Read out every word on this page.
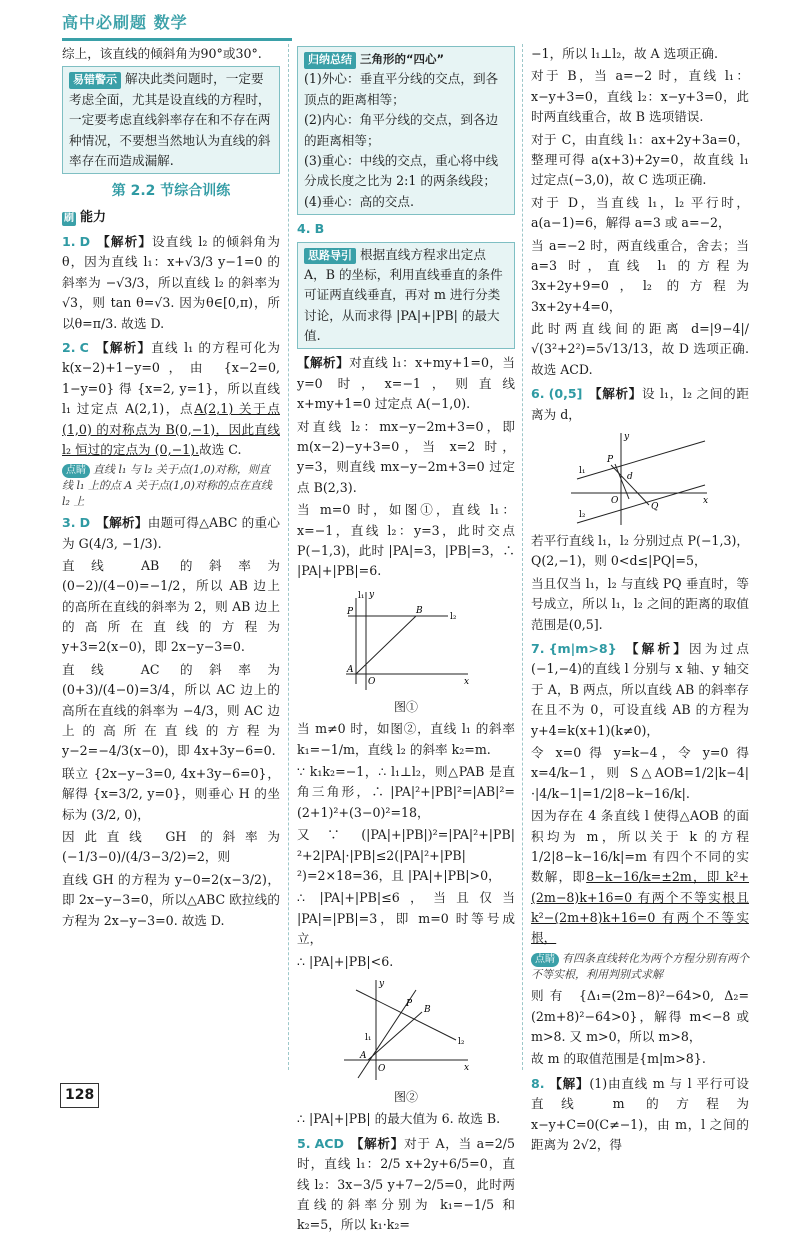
高中必刷题 数学

综上，该直线的倾斜角为90°或30°.

易错警示 解决此类问题时，一定要考虑全面，尤其是设直线的方程时，一定要考虑直线斜率存在和不存在两种情况，不要想当然地认为直线的斜率存在而造成漏解.
第 2.2 节综合训练
刷 能力

1. D 【解析】设直线 l₂ 的倾斜角为θ，因为直线 l₁：x+√3/3 y−1=0 的斜率为 −√3/3，所以直线 l₂ 的斜率为√3，则 tan θ=√3. 因为θ∈[0,π)，所以θ=π/3. 故选 D.

2. C 【解析】直线 l₁ 的方程可化为 k(x−2)+1−y=0，由 {x−2=0, 1−y=0} 得 {x=2, y=1}，所以直线 l₁ 过定点 A(2,1)，点A(2,1) 关于点 (1,0) 的对称点为 B(0,−1)，因此直线 l₂ 恒过的定点为 (0,−1).故选 C.

点睛 直线 l₁ 与 l₂ 关于点(1,0)对称，则直线 l₁ 上的点 A 关于点(1,0)对称的点在直线 l₂ 上

3. D 【解析】由题可得△ABC 的重心为 G(4/3, −1/3).

直线 AB 的斜率为 (0−2)/(4−0)=−1/2，所以 AB 边上的高所在直线的斜率为 2，则 AB 边上的高所在直线的方程为 y+3=2(x−0)，即 2x−y−3=0.

直线 AC 的斜率为 (0+3)/(4−0)=3/4，所以 AC 边上的高所在直线的斜率为 −4/3，则 AC 边上的高所在直线的方程为 y−2=−4/3(x−0)，即 4x+3y−6=0.

联立 {2x−y−3=0, 4x+3y−6=0}，解得 {x=3/2, y=0}，则垂心 H 的坐标为 (3/2, 0)，

因此直线 GH 的斜率为 (−1/3−0)/(4/3−3/2)=2，则

直线 GH 的方程为 y−0=2(x−3/2)，即 2x−y−3=0，所以△ABC 欧拉线的方程为 2x−y−3=0. 故选 D.

归纳总结 三角形的“四心”
(1)外心：垂直平分线的交点，到各顶点的距离相等；
(2)内心：角平分线的交点，到各边的距离相等；
(3)重心：中线的交点，重心将中线分成长度之比为 2:1 的两条线段；
(4)垂心：高的交点.

4. B

思路导引 根据直线方程求出定点 A，B 的坐标，利用直线垂直的条件可证两直线垂直，再对 m 进行分类讨论，从而求得 |PA|+|PB| 的最大值.

【解析】对直线 l₁：x+my+1=0，当 y=0 时，x=−1，则直线 x+my+1=0 过定点 A(−1,0).

对直线 l₂：mx−y−2m+3=0，即 m(x−2)−y+3=0，当 x=2 时，y=3，则直线 mx−y−2m+3=0 过定点 B(2,3).

当 m=0 时，如图①，直线 l₁：x=−1，直线 l₂：y=3，此时交点 P(−1,3)，此时 |PA|=3，|PB|=3，∴ |PA|+|PB|=6.

l₁
l₂
y
x
P	B
A
O
图①

当 m≠0 时，如图②，直线 l₁ 的斜率 k₁=−1/m，直线 l₂ 的斜率 k₂=m.

∵ k₁k₂=−1，∴ l₁⊥l₂，则△PAB 是直角三角形，∴ |PA|²+|PB|²=|AB|²=(2+1)²+(3−0)²=18，

又∵ (|PA|+|PB|)²=|PA|²+|PB|²+2|PA|·|PB|≤2(|PA|²+|PB|²)=2×18=36，且 |PA|+|PB|>0，

∴ |PA|+|PB|≤6，当且仅当 |PA|=|PB|=3，即 m=0 时等号成立，

∴ |PA|+|PB|<6.

l₁	l₂
y
x
P
B
A
O
图②

∴ |PA|+|PB| 的最大值为 6. 故选 B.

5. ACD 【解析】对于 A，当 a=2/5 时，直线 l₁：2/5 x+2y+6/5=0，直线 l₂：3x−3/5 y+7−2/5=0，此时两直线的斜率分别为 k₁=−1/5 和 k₂=5，所以 k₁·k₂=

−1，所以 l₁⊥l₂，故 A 选项正确.

对于 B，当 a=−2 时，直线 l₁：x−y+3=0，直线 l₂：x−y+3=0，此时两直线重合，故 B 选项错误.

对于 C，由直线 l₁：ax+2y+3a=0，整理可得 a(x+3)+2y=0，故直线 l₁ 过定点(−3,0)，故 C 选项正确.

对于 D，当直线 l₁，l₂ 平行时，a(a−1)=6，解得 a=3 或 a=−2，

当 a=−2 时，两直线重合，舍去；当 a=3 时，直线 l₁ 的方程为 3x+2y+9=0，l₂ 的方程为 3x+2y+4=0，

此时两直线间的距离 d=|9−4|/√(3²+2²)=5√13/13，故 D 选项正确. 故选 ACD.

6. (0,5] 【解析】设 l₁，l₂ 之间的距离为 d，

l₁
l₂
y
x
P
Q
d
O

若平行直线 l₁，l₂ 分别过点 P(−1,3)，Q(2,−1)，则 0<d≤|PQ|=5，

当且仅当 l₁，l₂ 与直线 PQ 垂直时，等号成立，所以 l₁，l₂ 之间的距离的取值范围是(0,5].

7. {m|m>8} 【解析】因为过点(−1,−4)的直线 l 分别与 x 轴、y 轴交于 A，B 两点，所以直线 AB 的斜率存在且不为 0，可设直线 AB 的方程为 y+4=k(x+1)(k≠0)，

令 x=0 得 y=k−4，令 y=0 得 x=4/k−1，则 S△AOB=1/2|k−4|·|4/k−1|=1/2|8−k−16/k|.

因为存在 4 条直线 l 使得△AOB 的面积均为 m，所以关于 k 的方程 1/2|8−k−16/k|=m 有四个不同的实数解，即8−k−16/k=±2m，即 k²+(2m−8)k+16=0 有两个不等实根且 k²−(2m+8)k+16=0 有两个不等实根，

点睛 有四条直线转化为两个方程分别有两个不等实根，利用判别式求解

则有 {Δ₁=(2m−8)²−64>0, Δ₂=(2m+8)²−64>0}，解得 m<−8 或 m>8. 又 m>0，所以 m>8，

故 m 的取值范围是{m|m>8}.

8. 【解】(1)由直线 m 与 l 平行可设直线 m 的方程为 x−y+C=0(C≠−1)，由 m，l 之间的距离为 2√2，得

128
